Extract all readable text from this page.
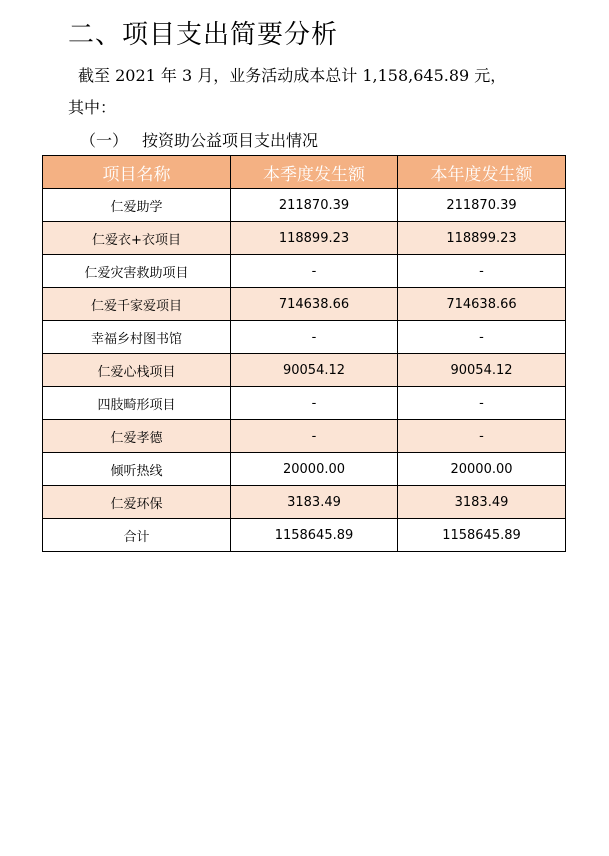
二、项目支出简要分析
截至 2021 年 3 月，业务活动成本总计 1,158,645.89 元，
其中：
（一） 按资助公益项目支出情况
项目名称	本季度发生额	本年度发生额
仁爱助学	211870.39	211870.39
仁爱衣+衣项目	118899.23	118899.23
仁爱灾害救助项目	-	-
仁爱千家爱项目	714638.66	714638.66
幸福乡村图书馆	-	-
仁爱心栈项目	90054.12	90054.12
四肢畸形项目	-	-
仁爱孝德	-	-
倾听热线	20000.00	20000.00
仁爱环保	3183.49	3183.49
合计	1158645.89	1158645.89
